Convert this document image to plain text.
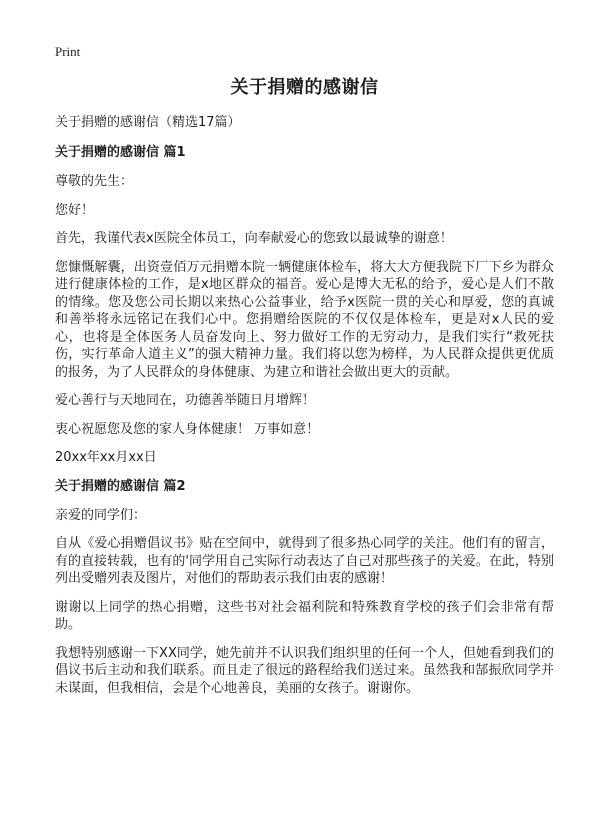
Print
关于捐赠的感谢信
关于捐赠的感谢信（精选17篇）
关于捐赠的感谢信 篇1

尊敬的先生：

您好！

首先，我谨代表x医院全体员工，向奉献爱心的您致以最诚挚的谢意！

您慷慨解囊，出资壹佰万元捐赠本院一辆健康体检车，将大大方便我院下厂下乡为群众进行健康体检的工作，是x地区群众的福音。爱心是博大无私的给予，爱心是人们不散的情缘。您及您公司长期以来热心公益事业，给予x医院一贯的关心和厚爱，您的真诚和善举将永远铭记在我们心中。您捐赠给医院的不仅仅是体检车，更是对x人民的爱心，也将是全体医务人员奋发向上、努力做好工作的无穷动力，是我们实行“救死扶伤，实行革命人道主义”的强大精神力量。我们将以您为榜样，为人民群众提供更优质的报务，为了人民群众的身体健康、为建立和谐社会做出更大的贡献。

爱心善行与天地同在，功德善举随日月增辉！

衷心祝愿您及您的家人身体健康！ 万事如意！

20xx年xx月xx日

关于捐赠的感谢信 篇2

亲爱的同学们：

自从《爱心捐赠倡议书》贴在空间中，就得到了很多热心同学的关注。他们有的留言，有的直接转载，也有的'同学用自己实际行动表达了自己对那些孩子的关爱。在此，特别列出受赠列表及图片，对他们的帮助表示我们由衷的感谢！

谢谢以上同学的热心捐赠，这些书对社会福利院和特殊教育学校的孩子们会非常有帮助。

我想特别感谢一下XX同学，她先前并不认识我们组织里的任何一个人，但她看到我们的倡议书后主动和我们联系。而且走了很远的路程给我们送过来。虽然我和郜振欣同学并未谋面，但我相信，会是个心地善良，美丽的女孩子。谢谢你。
